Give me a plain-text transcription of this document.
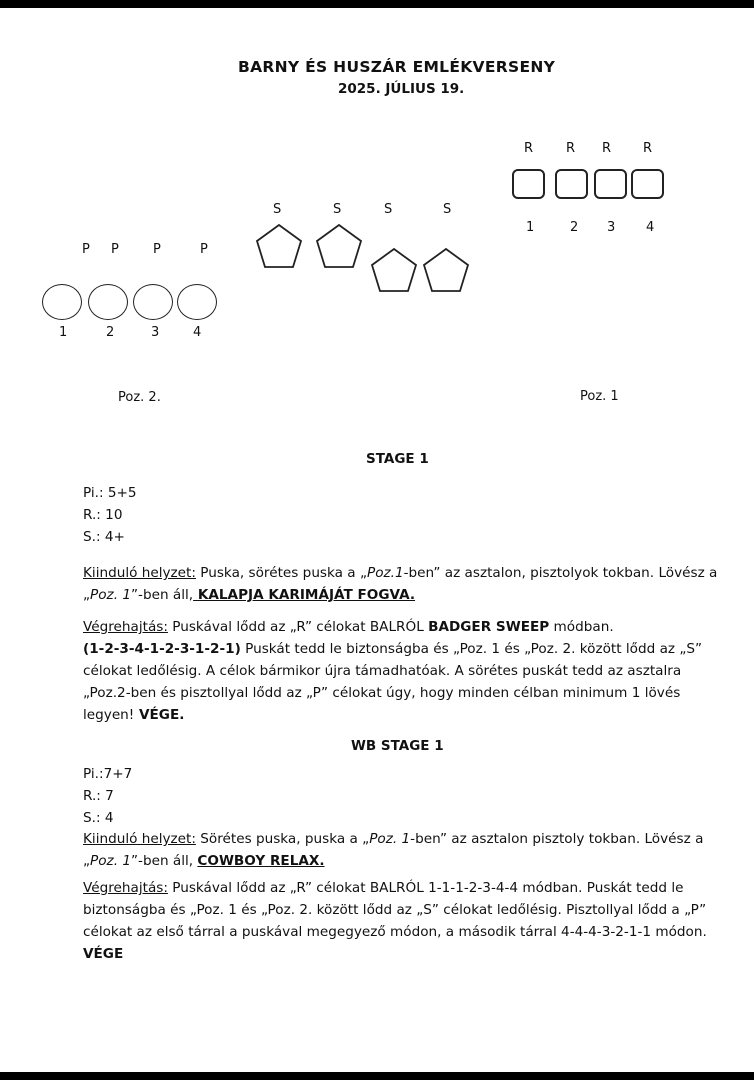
BARNY ÉS HUSZÁR EMLÉKVERSENY
2025. JÚLIUS 19.
R	R R R
1	2 3 4
S	S	S	S
P P	P	P
1	2	3	4
Poz. 2.	Poz. 1
STAGE 1
Pi.: 5+5
R.: 10
S.: 4+
Kiinduló helyzet: Puska, sörétes puska a „Poz.1-ben” az asztalon, pisztolyok tokban. Lövész a „Poz. 1”-ben áll, KALAPJA KARIMÁJÁT FOGVA.
Végrehajtás: Puskával lődd az „R” célokat BALRÓL BADGER SWEEP módban.
(1-2-3-4-1-2-3-1-2-1) Puskát tedd le biztonságba és „Poz. 1 és „Poz. 2. között lődd az „S” célokat ledőlésig. A célok bármikor újra támadhatóak. A sörétes puskát tedd az asztalra „Poz.2-ben és pisztollyal lődd az „P” célokat úgy, hogy minden célban minimum 1 lövés legyen! VÉGE.
WB STAGE 1
Pi.:7+7
R.: 7
S.: 4
Kiinduló helyzet: Sörétes puska, puska a „Poz. 1-ben” az asztalon pisztoly tokban. Lövész a „Poz. 1”-ben áll, COWBOY RELAX.
Végrehajtás: Puskával lődd az „R” célokat BALRÓL 1-1-1-2-3-4-4 módban. Puskát tedd le biztonságba és „Poz. 1 és „Poz. 2. között lődd az „S” célokat ledőlésig. Pisztollyal lődd a „P” célokat az első tárral a puskával megegyező módon, a második tárral 4-4-4-3-2-1-1 módon.
VÉGE
